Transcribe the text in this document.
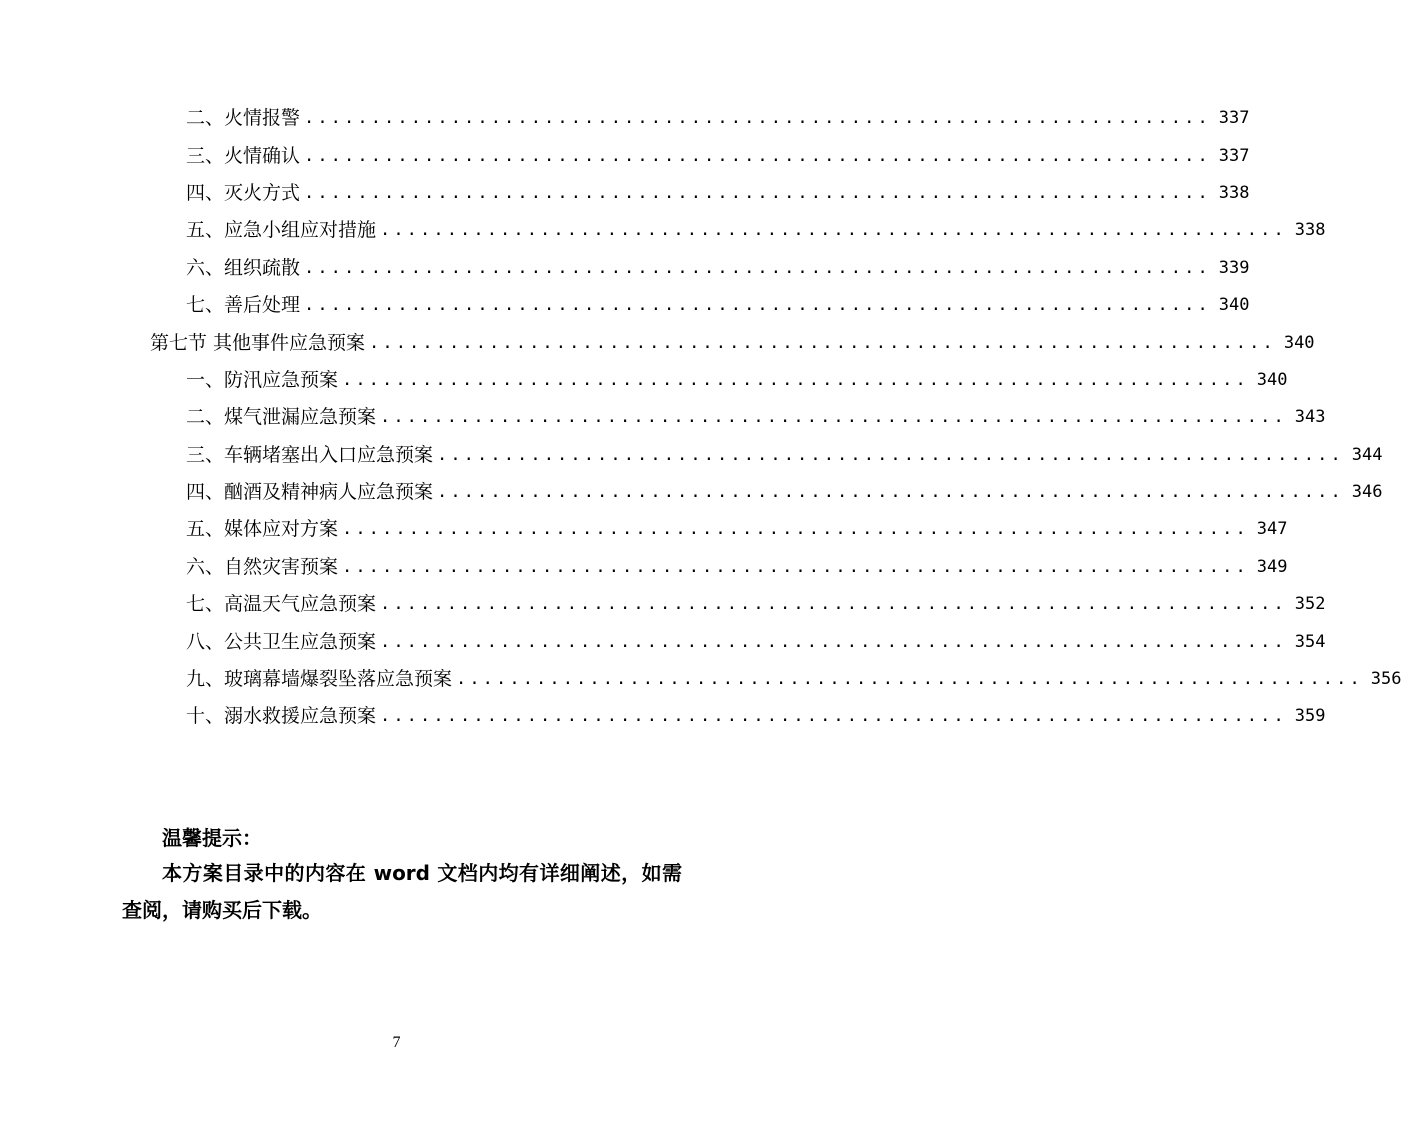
二、火情报警 .................................................................... 337
三、火情确认 .................................................................... 337
四、灭火方式 .................................................................... 338
五、应急小组应对措施 .................................................................... 338
六、组织疏散 .................................................................... 339
七、善后处理 .................................................................... 340
第七节 其他事件应急预案 .................................................................... 340
一、防汛应急预案 .................................................................... 340
二、煤气泄漏应急预案 .................................................................... 343
三、车辆堵塞出入口应急预案 .................................................................... 344
四、酗酒及精神病人应急预案 .................................................................... 346
五、媒体应对方案 .................................................................... 347
六、自然灾害预案 .................................................................... 349
七、高温天气应急预案 .................................................................... 352
八、公共卫生应急预案 .................................................................... 354
九、玻璃幕墙爆裂坠落应急预案 .................................................................... 356
十、溺水救援应急预案 .................................................................... 359
温馨提示：
本方案目录中的内容在 word 文档内均有详细阐述，如需查阅，请购买后下载。
7
